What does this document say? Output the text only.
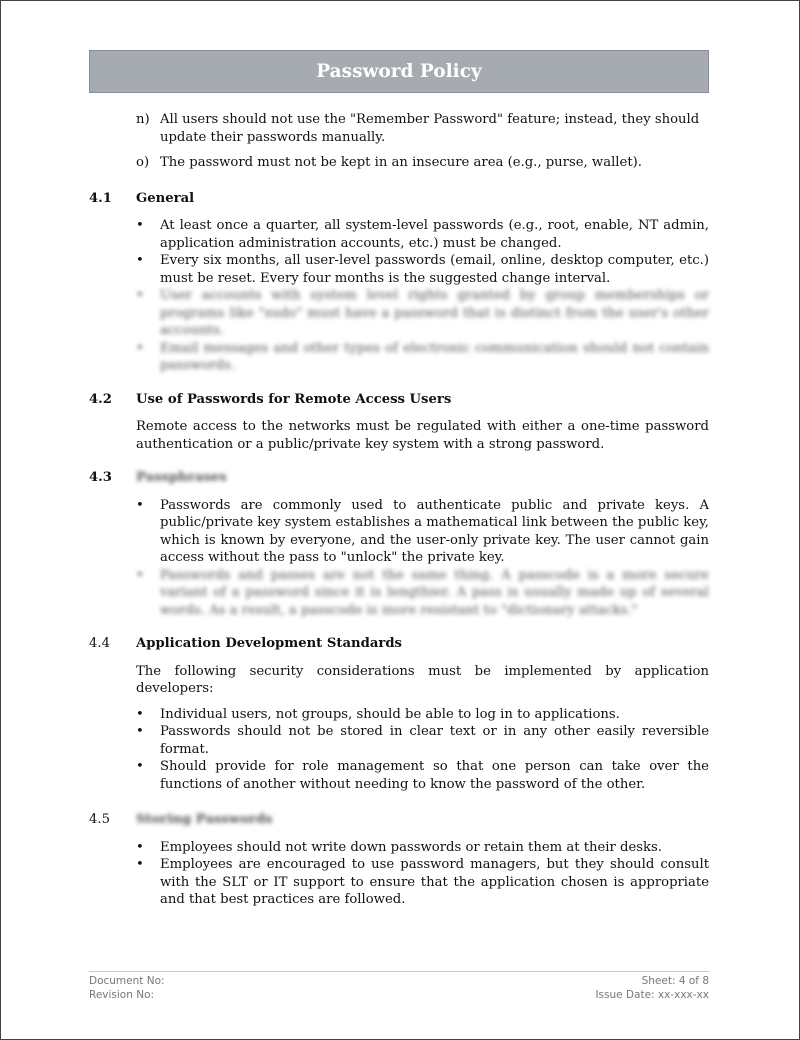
Password Policy
n) All users should not use the "Remember Password" feature; instead, they should update their passwords manually.
o) The password must not be kept in an insecure area (e.g., purse, wallet).
4.1	General
•	At least once a quarter, all system-level passwords (e.g., root, enable, NT admin, application administration accounts, etc.) must be changed.
•	Every six months, all user-level passwords (email, online, desktop computer, etc.) must be reset. Every four months is the suggested change interval.
•	User accounts with system level rights granted by group memberships or programs like "sudo" must have a password that is distinct from the user's other accounts.
•	Email messages and other types of electronic communication should not contain passwords.
4.2	Use of Passwords for Remote Access Users
Remote access to the networks must be regulated with either a one-time password authentication or a public/private key system with a strong password.
4.3	Passphrases
•	Passwords are commonly used to authenticate public and private keys. A public/private key system establishes a mathematical link between the public key, which is known by everyone, and the user-only private key. The user cannot gain access without the pass to "unlock" the private key.
•	Passwords and passes are not the same thing. A passcode is a more secure variant of a password since it is lengthier. A pass is usually made up of several words. As a result, a passcode is more resistant to "dictionary attacks."
4.4	Application Development Standards
The following security considerations must be implemented by application developers:
•	Individual users, not groups, should be able to log in to applications.
•	Passwords should not be stored in clear text or in any other easily reversible format.
•	Should provide for role management so that one person can take over the functions of another without needing to know the password of the other.
4.5	Storing Passwords
•	Employees should not write down passwords or retain them at their desks.
•	Employees are encouraged to use password managers, but they should consult with the SLT or IT support to ensure that the application chosen is appropriate and that best practices are followed.
Document No:	Sheet: 4 of 8
Revision No:	Issue Date: xx-xxx-xx
